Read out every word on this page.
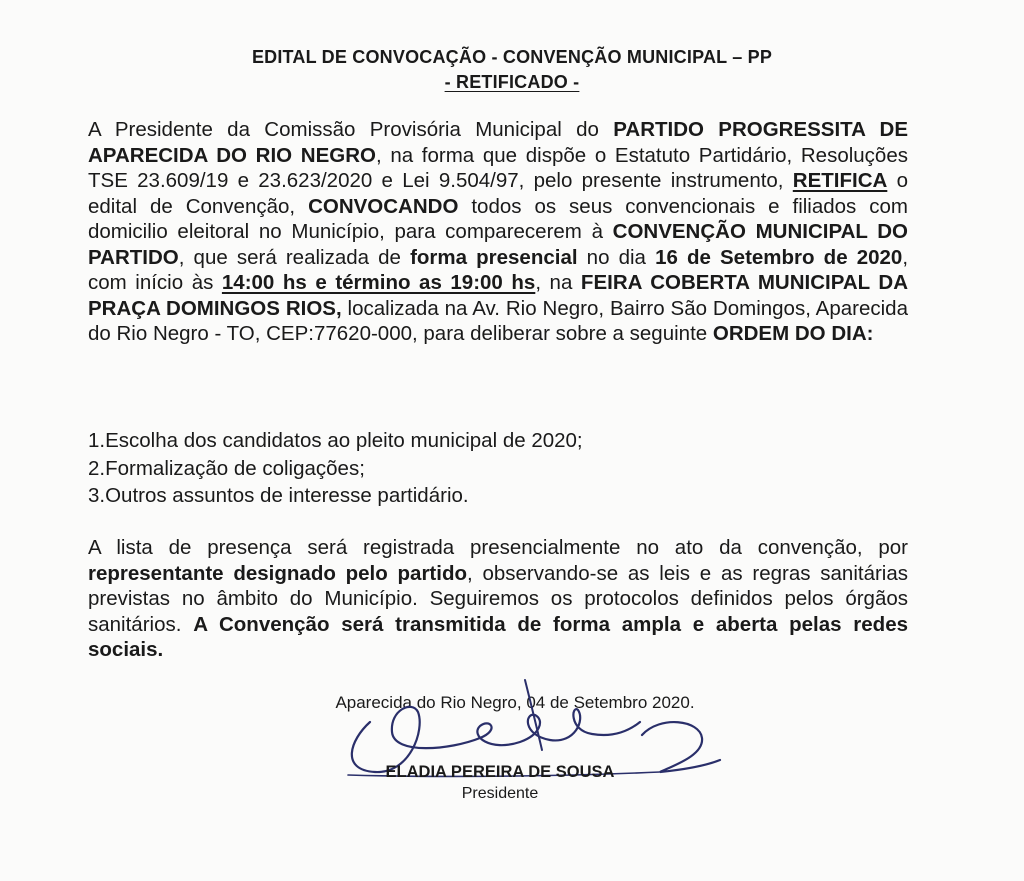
EDITAL DE CONVOCAÇÃO - CONVENÇÃO MUNICIPAL – PP
- RETIFICADO -
A Presidente da Comissão Provisória Municipal do PARTIDO PROGRESSITA DE APARECIDA DO RIO NEGRO, na forma que dispõe o Estatuto Partidário, Resoluções TSE 23.609/19 e 23.623/2020 e Lei 9.504/97, pelo presente instrumento, RETIFICA o edital de Convenção, CONVOCANDO todos os seus convencionais e filiados com domicilio eleitoral no Município, para comparecerem à CONVENÇÃO MUNICIPAL DO PARTIDO, que será realizada de forma presencial no dia 16 de Setembro de 2020, com início às 14:00 hs e término as 19:00 hs, na FEIRA COBERTA MUNICIPAL DA PRAÇA DOMINGOS RIOS, localizada na Av. Rio Negro, Bairro São Domingos, Aparecida do Rio Negro - TO, CEP:77620-000, para deliberar sobre a seguinte ORDEM DO DIA:
1.Escolha dos candidatos ao pleito municipal de 2020;
2.Formalização de coligações;
3.Outros assuntos de interesse partidário.
A lista de presença será registrada presencialmente no ato da convenção, por representante designado pelo partido, observando-se as leis e as regras sanitárias previstas no âmbito do Município. Seguiremos os protocolos definidos pelos órgãos sanitários. A Convenção será transmitida de forma ampla e aberta pelas redes sociais.
Aparecida do Rio Negro, 04 de Setembro 2020.
ELADIA PEREIRA DE SOUSA
Presidente
